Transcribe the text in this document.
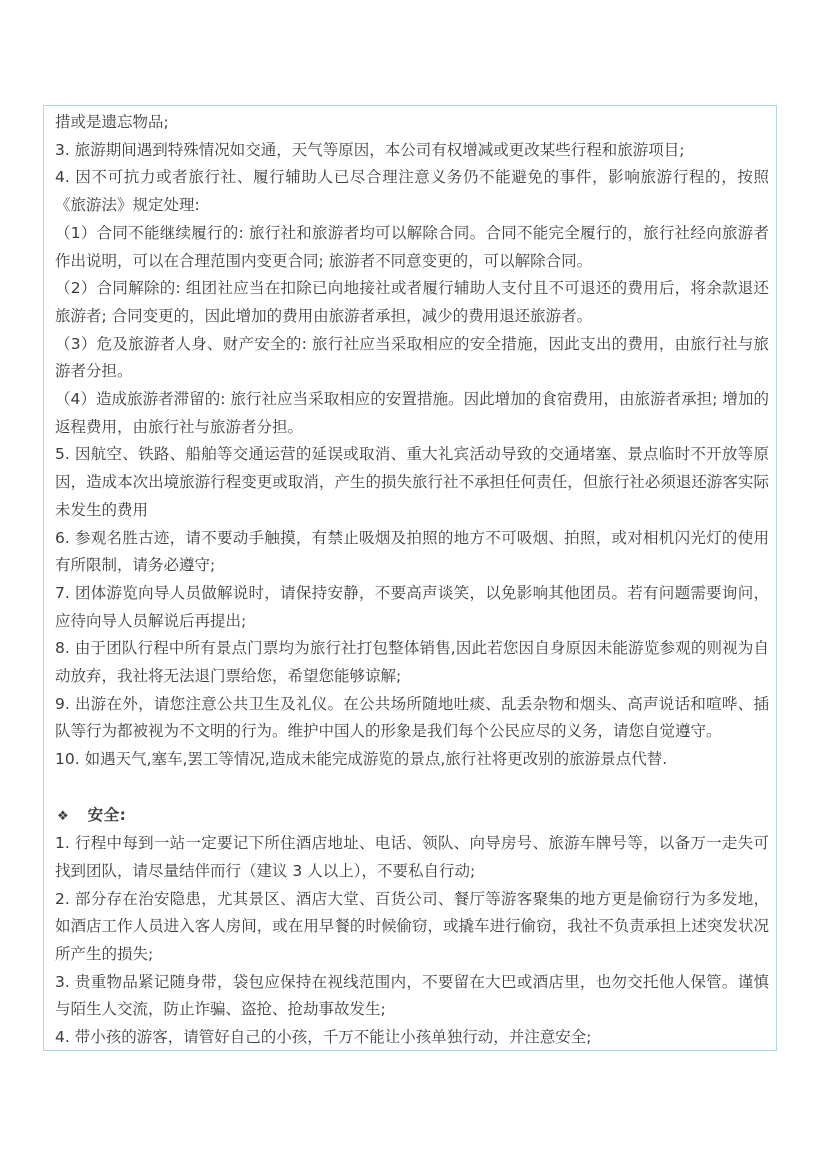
措或是遗忘物品;

3. 旅游期间遇到特殊情况如交通，天气等原因，本公司有权增减或更改某些行程和旅游项目;

4. 因不可抗力或者旅行社、履行辅助人已尽合理注意义务仍不能避免的事件，影响旅游行程的，按照《旅游法》规定处理:

（1）合同不能继续履行的: 旅行社和旅游者均可以解除合同。合同不能完全履行的，旅行社经向旅游者作出说明，可以在合理范围内变更合同; 旅游者不同意变更的，可以解除合同。

（2）合同解除的: 组团社应当在扣除已向地接社或者履行辅助人支付且不可退还的费用后，将余款退还旅游者; 合同变更的，因此增加的费用由旅游者承担，减少的费用退还旅游者。

（3）危及旅游者人身、财产安全的: 旅行社应当采取相应的安全措施，因此支出的费用，由旅行社与旅游者分担。

（4）造成旅游者滞留的: 旅行社应当采取相应的安置措施。因此增加的食宿费用，由旅游者承担; 增加的返程费用，由旅行社与旅游者分担。

5. 因航空、铁路、船舶等交通运营的延误或取消、重大礼宾活动导致的交通堵塞、景点临时不开放等原因，造成本次出境旅游行程变更或取消，产生的损失旅行社不承担任何责任，但旅行社必须退还游客实际未发生的费用

6. 参观名胜古迹，请不要动手触摸，有禁止吸烟及拍照的地方不可吸烟、拍照，或对相机闪光灯的使用有所限制，请务必遵守;

7. 团体游览向导人员做解说时，请保持安静，不要高声谈笑，以免影响其他团员。若有问题需要询问，应待向导人员解说后再提出;

8. 由于团队行程中所有景点门票均为旅行社打包整体销售,因此若您因自身原因未能游览参观的则视为自动放弃，我社将无法退门票给您，希望您能够谅解;

9. 出游在外，请您注意公共卫生及礼仪。在公共场所随地吐痰、乱丢杂物和烟头、高声说话和喧哗、插队等行为都被视为不文明的行为。维护中国人的形象是我们每个公民应尽的义务，请您自觉遵守。

10. 如遇天气,塞车,罢工等情况,造成未能完成游览的景点,旅行社将更改别的旅游景点代替.

❖ 安全:

1. 行程中每到一站一定要记下所住酒店地址、电话、领队、向导房号、旅游车牌号等，以备万一走失可找到团队，请尽量结伴而行（建议 3 人以上），不要私自行动;

2. 部分存在治安隐患，尤其景区、酒店大堂、百货公司、餐厅等游客聚集的地方更是偷窃行为多发地，如酒店工作人员进入客人房间，或在用早餐的时候偷窃，或撬车进行偷窃，我社不负责承担上述突发状况所产生的损失;

3. 贵重物品紧记随身带，袋包应保持在视线范围内，不要留在大巴或酒店里，也勿交托他人保管。谨慎与陌生人交流，防止诈骗、盗抢、抢劫事故发生;

4. 带小孩的游客，请管好自己的小孩，千万不能让小孩单独行动，并注意安全;
